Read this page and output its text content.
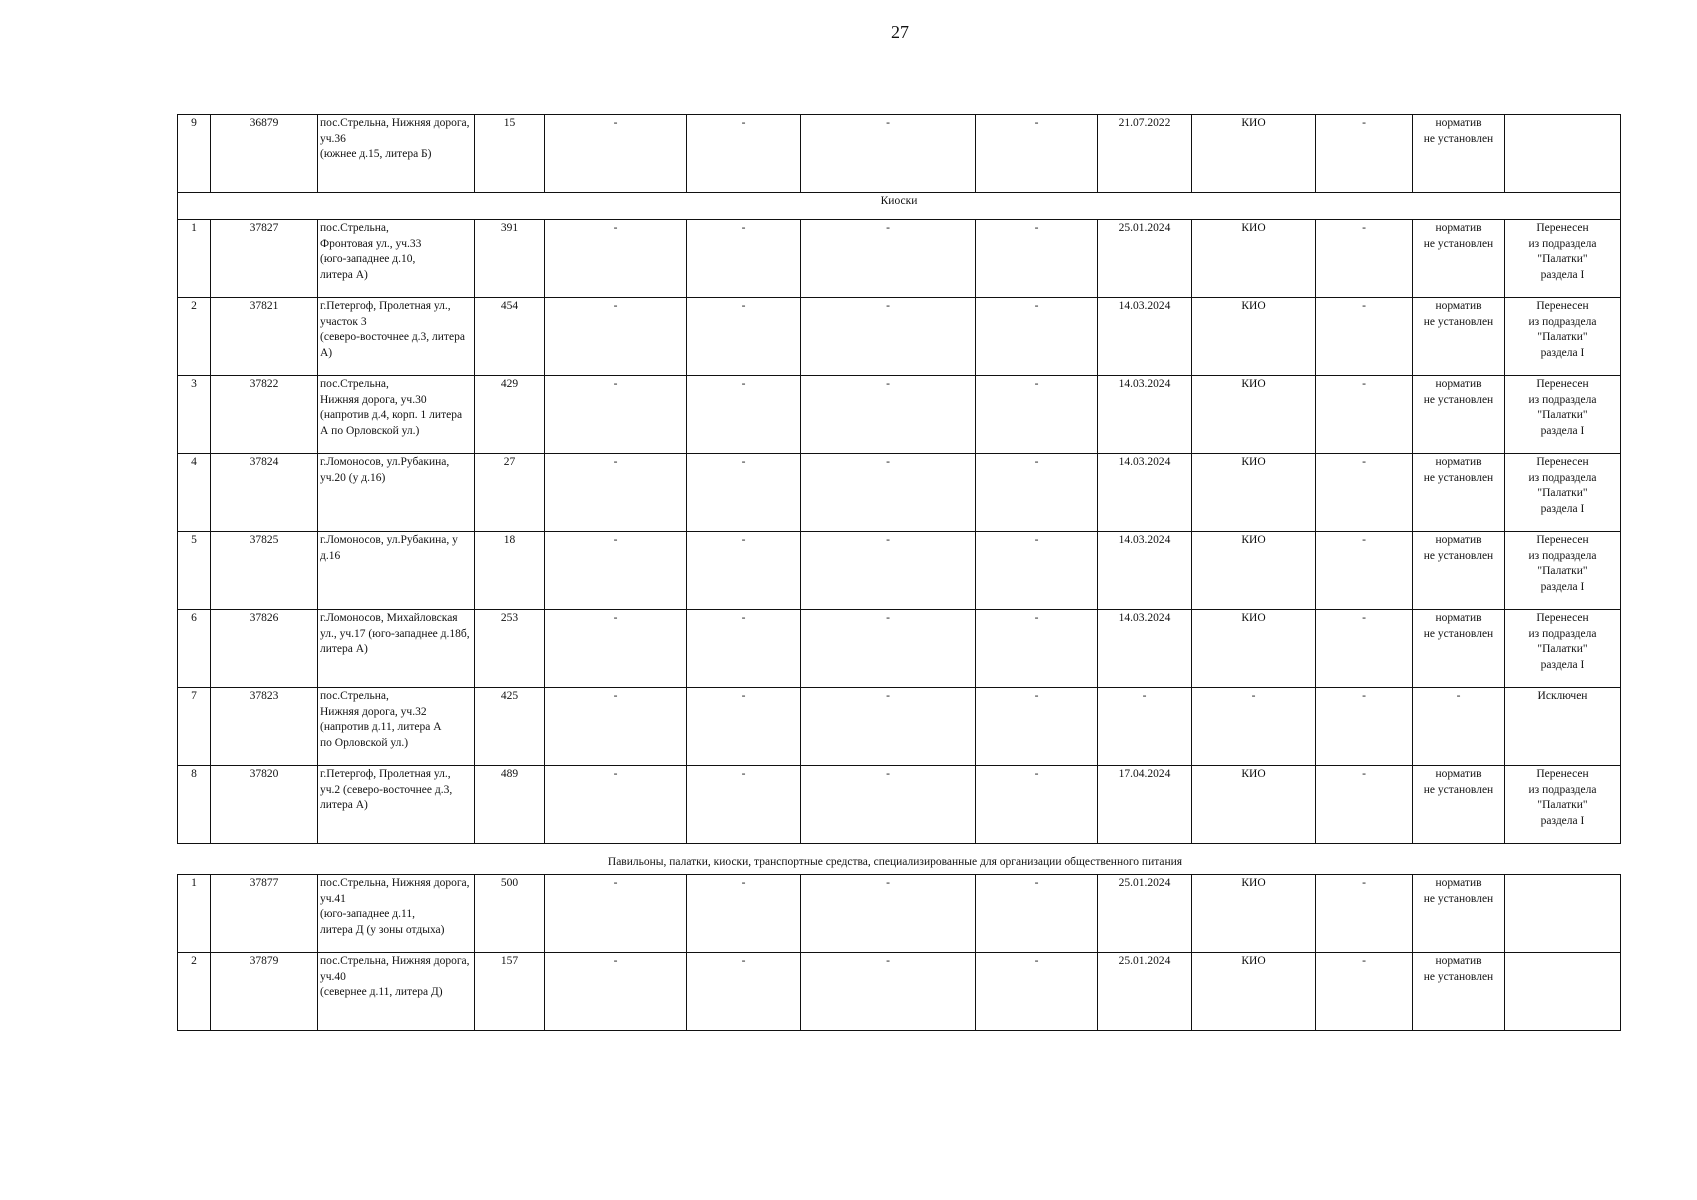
27
9	36879	пос.Стрельна, Нижняя дорога, уч.36
(южнее д.15, литера Б)	15	-	-	-	-	21.07.2022	КИО	-	норматив
не установлен	
Киоски												
1	37827	пос.Стрельна,
Фронтовая ул., уч.33
(юго-западнее д.10,
литера А)	391	-	-	-	-	25.01.2024	КИО	-	норматив
не установлен	Перенесен
из подраздела
"Палатки"
раздела I
2	37821	г.Петергоф, Пролетная ул.,
участок 3
(северо-восточнее д.3, литера А)	454	-	-	-	-	14.03.2024	КИО	-	норматив
не установлен	Перенесен
из подраздела
"Палатки"
раздела I
3	37822	пос.Стрельна,
Нижняя дорога, уч.30
(напротив д.4, корп. 1 литера А по Орловской ул.)	429	-	-	-	-	14.03.2024	КИО	-	норматив
не установлен	Перенесен
из подраздела
"Палатки"
раздела I
4	37824	г.Ломоносов, ул.Рубакина,
уч.20 (у д.16)	27	-	-	-	-	14.03.2024	КИО	-	норматив
не установлен	Перенесен
из подраздела
"Палатки"
раздела I
5	37825	г.Ломоносов, ул.Рубакина, у д.16	18	-	-	-	-	14.03.2024	КИО	-	норматив
не установлен	Перенесен
из подраздела
"Палатки"
раздела I
6	37826	г.Ломоносов, Михайловская ул., уч.17 (юго-западнее д.18б, литера А)	253	-	-	-	-	14.03.2024	КИО	-	норматив
не установлен	Перенесен
из подраздела
"Палатки"
раздела I
7	37823	пос.Стрельна,
Нижняя дорога, уч.32
(напротив д.11, литера А
по Орловской ул.)	425	-	-	-	-	-	-	-	-	Исключен
8	37820	г.Петергоф, Пролетная ул.,
уч.2 (северо-восточнее д.3,
литера А)	489	-	-	-	-	17.04.2024	КИО	-	норматив
не установлен	Перенесен
из подраздела
"Палатки"
раздела I
Павильоны, палатки, киоски, транспортные средства, специализированные для организации общественного питания
1	37877	пос.Стрельна, Нижняя дорога, уч.41
(юго-западнее д.11,
литера Д (у зоны отдыха)	500	-	-	-	-	25.01.2024	КИО	-	норматив
не установлен	
2	37879	пос.Стрельна, Нижняя дорога, уч.40
(севернее д.11, литера Д)	157	-	-	-	-	25.01.2024	КИО	-	норматив
не установлен	
